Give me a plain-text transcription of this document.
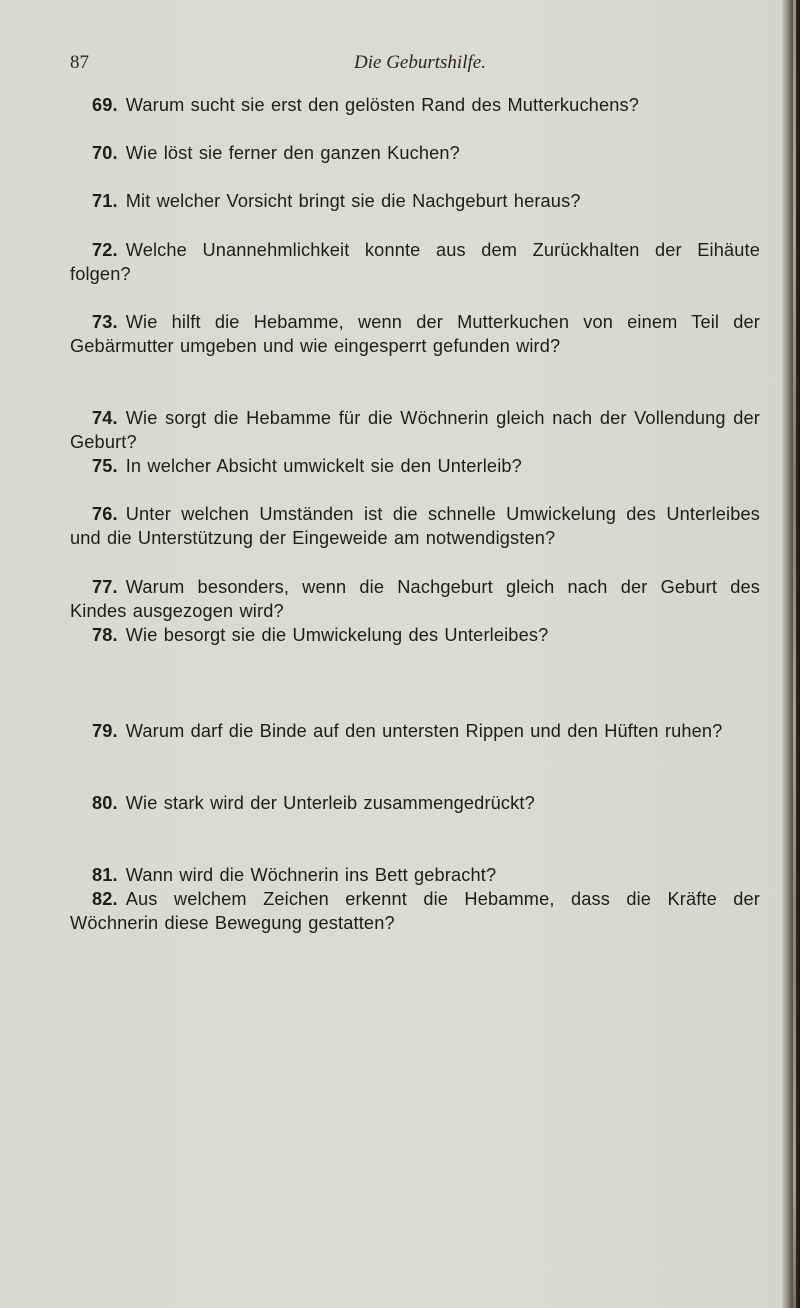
87	Die Geburtshilfe.
69. Warum sucht sie erst den gelösten Rand des Mutterkuchens?
70. Wie löst sie ferner den ganzen Kuchen?
71. Mit welcher Vorsicht bringt sie die Nachgeburt heraus?
72. Welche Unannehmlichkeit konnte aus dem Zurückhalten der Eihäute folgen?
73. Wie hilft die Hebamme, wenn der Mutterkuchen von einem Teil der Gebärmutter umgeben und wie eingesperrt gefunden wird?
74. Wie sorgt die Hebamme für die Wöchnerin gleich nach der Vollendung der Geburt?
75. In welcher Absicht umwickelt sie den Unterleib?
76. Unter welchen Umständen ist die schnelle Umwickelung des Unterleibes und die Unterstützung der Eingeweide am notwendigsten?
77. Warum besonders, wenn die Nachgeburt gleich nach der Geburt des Kindes ausgezogen wird?
78. Wie besorgt sie die Umwickelung des Unterleibes?
79. Warum darf die Binde auf den untersten Rippen und den Hüften ruhen?
80. Wie stark wird der Unterleib zusammengedrückt?
81. Wann wird die Wöchnerin ins Bett gebracht?
82. Aus welchem Zeichen erkennt die Hebamme, dass die Kräfte der Wöchnerin diese Bewegung gestatten?
